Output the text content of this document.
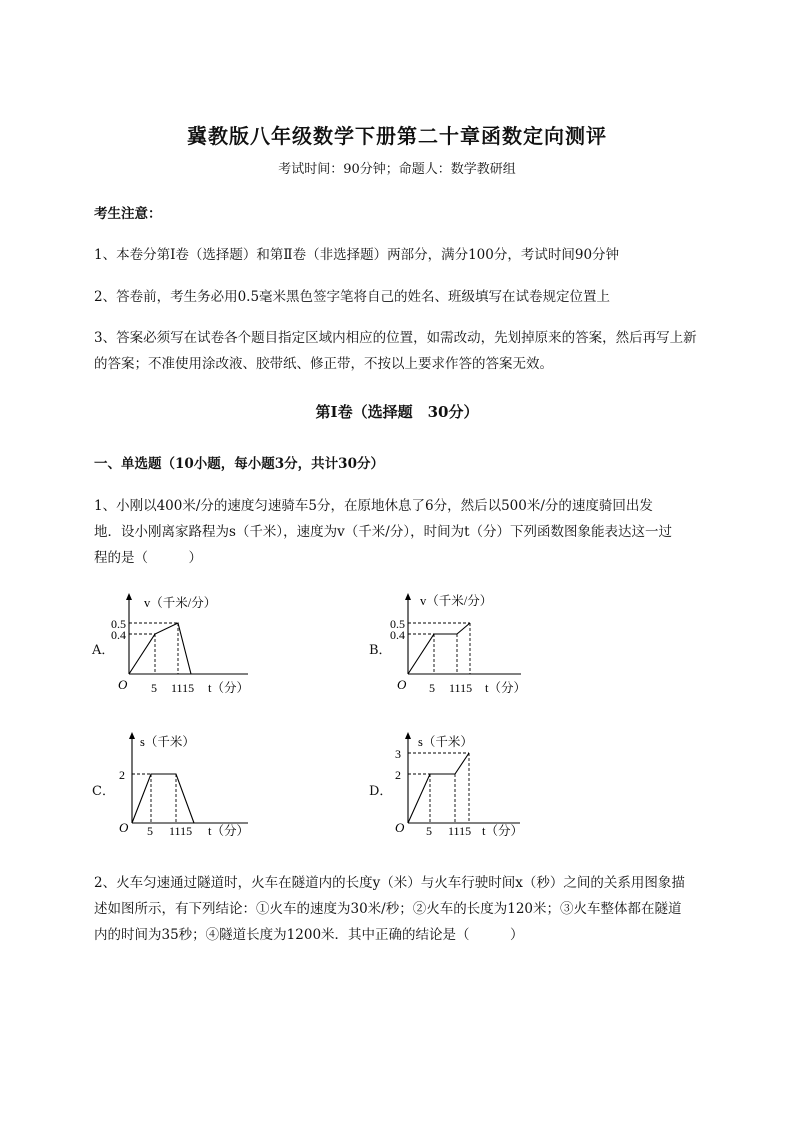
冀教版八年级数学下册第二十章函数定向测评
考试时间：90分钟；命题人：数学教研组
考生注意：
1、本卷分第I卷（选择题）和第Ⅱ卷（非选择题）两部分，满分100分，考试时间90分钟
2、答卷前，考生务必用0.5毫米黑色签字笔将自己的姓名、班级填写在试卷规定位置上
3、答案必须写在试卷各个题目指定区域内相应的位置，如需改动，先划掉原来的答案，然后再写上新
的答案；不准使用涂改液、胶带纸、修正带，不按以上要求作答的答案无效。
第I卷（选择题　30分）
一、单选题（10小题，每小题3分，共计30分）
1、小刚以400米/分的速度匀速骑车5分，在原地休息了6分，然后以500米/分的速度骑回出发
地．设小刚离家路程为s（千米），速度为v（千米/分），时间为t（分）下列函数图象能表达这一过
程的是（　　　）
A．
v（千米/分）
0.5
0.4
O 5 1115 t（分）
B．
v（千米/分）
0.5
0.4
O 5 1115 t（分）
C．
s（千米）
2
O 5 1115 t（分）
D．
s（千米）
3
2
O 5 1115 t（分）
2、火车匀速通过隧道时，火车在隧道内的长度y（米）与火车行驶时间x（秒）之间的关系用图象描
述如图所示，有下列结论：①火车的速度为30米/秒；②火车的长度为120米；③火车整体都在隧道
内的时间为35秒；④隧道长度为1200米．其中正确的结论是（　　　）
